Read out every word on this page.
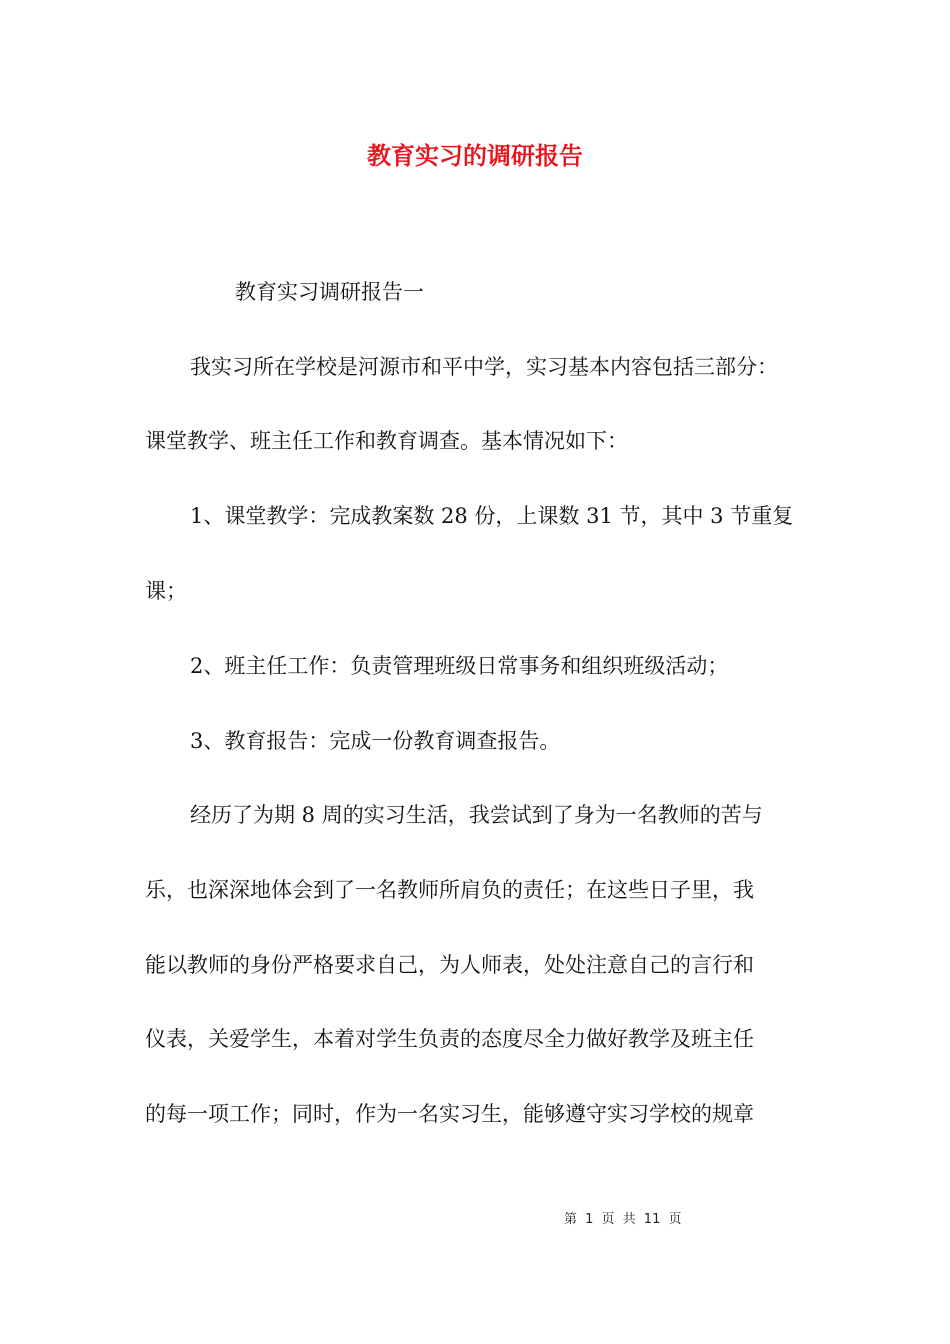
教育实习的调研报告
教育实习调研报告一
我实习所在学校是河源市和平中学，实习基本内容包括三部分：
课堂教学、班主任工作和教育调查。基本情况如下：
1、课堂教学：完成教案数 28 份，上课数 31 节，其中 3 节重复
课；
2、班主任工作：负责管理班级日常事务和组织班级活动；
3、教育报告：完成一份教育调查报告。
经历了为期 8 周的实习生活，我尝试到了身为一名教师的苦与
乐，也深深地体会到了一名教师所肩负的责任；在这些日子里，我
能以教师的身份严格要求自己，为人师表，处处注意自己的言行和
仪表，关爱学生，本着对学生负责的态度尽全力做好教学及班主任
的每一项工作；同时，作为一名实习生，能够遵守实习学校的规章
第 1 页 共 11 页
